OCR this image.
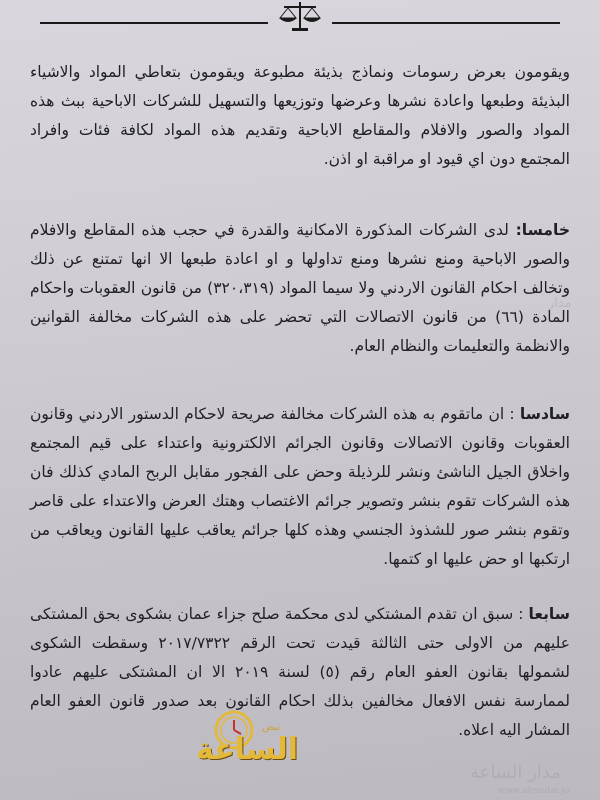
ويقومون بعرض رسومات ونماذج بذيئة مطبوعة ويقومون بتعاطي المواد والاشياء البذيئة وطبعها واعادة نشرها وعرضها وتوزيعها والتسهيل للشركات الاباحية ببث هذه المواد والصور والافلام والمقاطع الاباحية وتقديم هذه المواد لكافة فئات وافراد المجتمع دون اي قيود او مراقبة او اذن.

خامسا: لدى الشركات المذكورة الامكانية والقدرة في حجب هذه المقاطع والافلام والصور الاباحية ومنع نشرها ومنع تداولها و او اعادة طبعها الا انها تمتنع عن ذلك وتخالف احكام القانون الاردني ولا سيما المواد (٣٢٠،٣١٩) من قانون العقوبات واحكام المادة (٦٦) من قانون الاتصالات التي تحضر على هذه الشركات مخالفة القوانين والانظمة والتعليمات والنظام العام.

سادسا : ان ماتقوم به هذه الشركات مخالفة صريحة لاحكام الدستور الاردني وقانون العقوبات وقانون الاتصالات وقانون الجرائم الالكترونية واعتداء على قيم المجتمع واخلاق الجيل الناشئ ونشر للرذيلة وحض على الفجور مقابل الربح المادي كذلك فان هذه الشركات تقوم بنشر وتصوير جرائم الاغتصاب وهتك العرض والاعتداء على قاصر وتقوم بنشر صور للشذوذ الجنسي وهذه كلها جرائم يعاقب عليها القانون ويعاقب من ارتكبها او حض عليها او كتمها.

سابعا : سبق ان تقدم المشتكي لدى محكمة صلح جزاء عمان بشكوى بحق المشتكى عليهم من الاولى حتى الثالثة قيدت تحت الرقم ٢٠١٧/٧٣٢٢ وسقطت الشكوى لشمولها بقانون العفو العام رقم (٥) لسنة ٢٠١٩ الا ان المشتكى عليهم عادوا لممارسة نفس الافعال مخالفين بذلك احكام القانون بعد صدور قانون العفو العام المشار اليه اعلاه.

الساعة
نبض
مدار
مدار الساعة
www.almadar.jo
